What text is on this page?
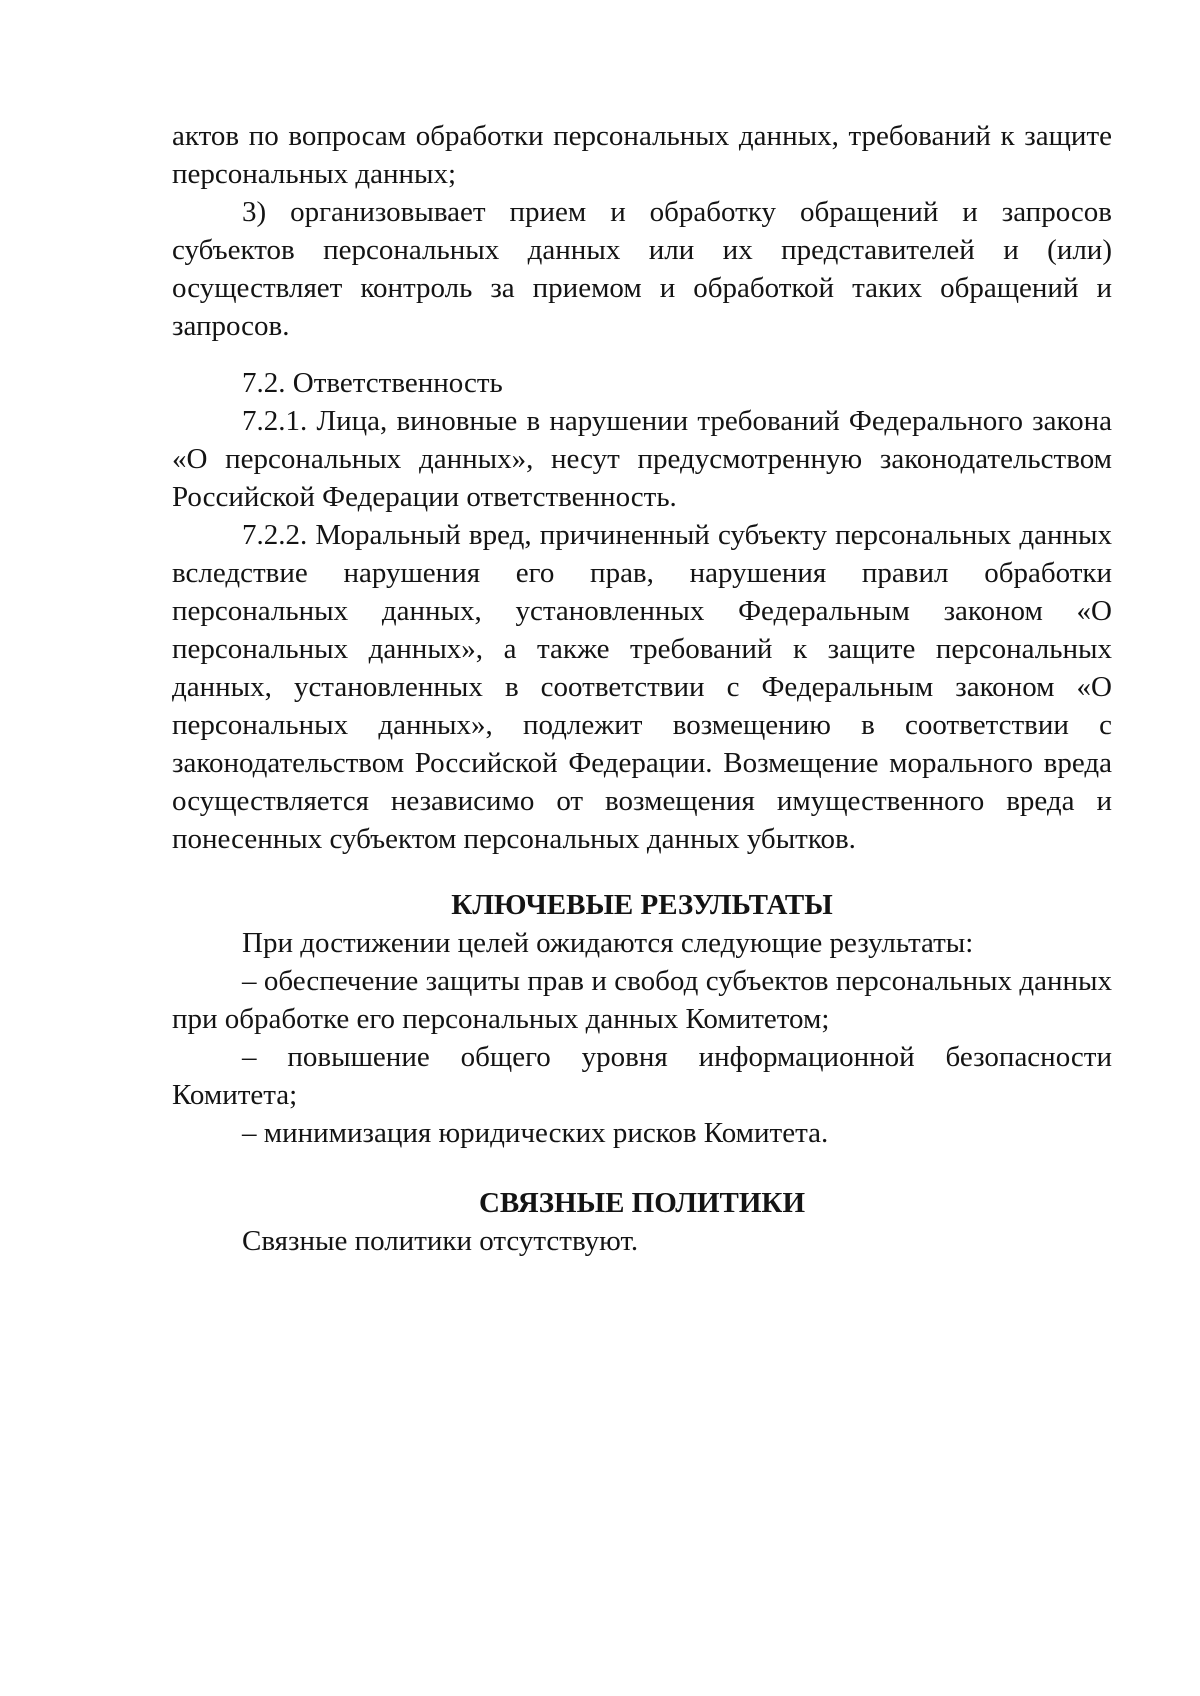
актов по вопросам обработки персональных данных, требований к защите персональных данных;

3) организовывает прием и обработку обращений и запросов субъектов персональных данных или их представителей и (или) осуществляет контроль за приемом и обработкой таких обращений и запросов.

7.2. Ответственность

7.2.1. Лица, виновные в нарушении требований Федерального закона «О персональных данных», несут предусмотренную законодательством Российской Федерации ответственность.

7.2.2. Моральный вред, причиненный субъекту персональных данных вследствие нарушения его прав, нарушения правил обработки персональных данных, установленных Федеральным законом «О персональных данных», а также требований к защите персональных данных, установленных в соответствии с Федеральным законом «О персональных данных», подлежит возмещению в соответствии с законодательством Российской Федерации. Возмещение морального вреда осуществляется независимо от возмещения имущественного вреда и понесенных субъектом персональных данных убытков.

КЛЮЧЕВЫЕ РЕЗУЛЬТАТЫ

При достижении целей ожидаются следующие результаты:

– обеспечение защиты прав и свобод субъектов персональных данных при обработке его персональных данных Комитетом;

– повышение общего уровня информационной безопасности Комитета;

– минимизация юридических рисков Комитета.

СВЯЗНЫЕ ПОЛИТИКИ

Связные политики отсутствуют.
